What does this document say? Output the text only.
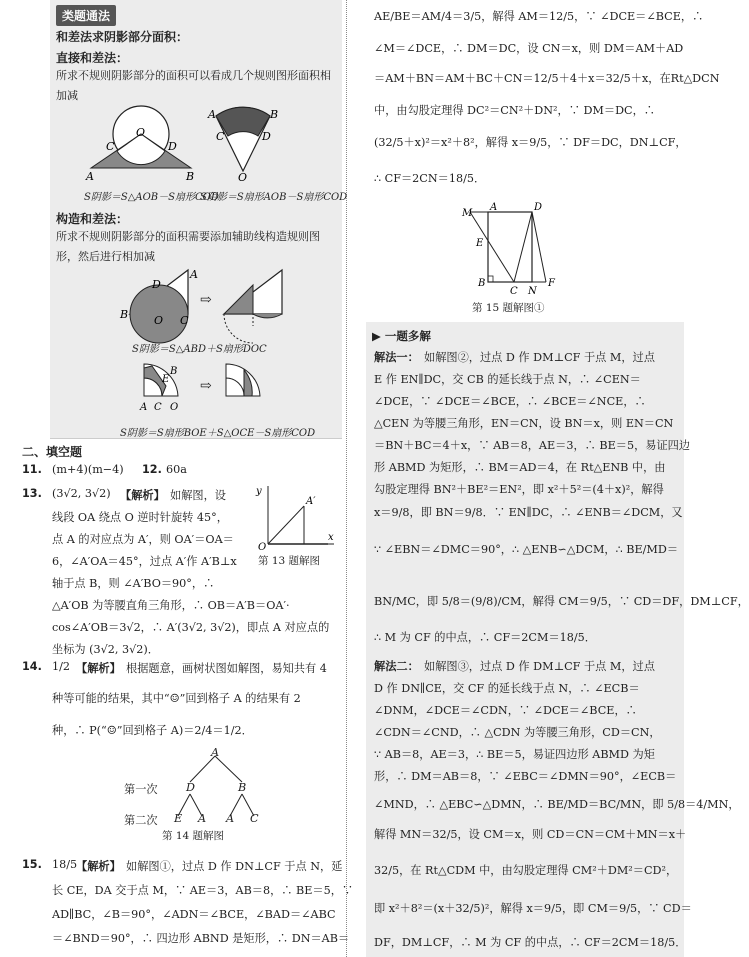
类题通法
和差法求阴影部分面积：
直接和差法：
所求不规则阴影部分的面积可以看成几个规则图形面积相加减
O
C	D
A	B
A	B
C	D
O
S阴影＝S△AOB－S扇形COD
S阴影＝S扇形AOB－S扇形COD
构造和差法：
所求不规则阴影部分的面积需要添加辅助线构造规则图形，然后进行相加减
B O C
D
A
⇨
S阴影＝S△ABD＋S扇形DOC
B
E
A C O
⇨
S阴影＝S扇形BOE＋S△OCE－S扇形COD
二、填空题
11. (m+4)(m−4) 12. 60a
13. (3√2, 3√2) 【解析】 如解图，设
线段 OA 绕点 O 逆时针旋转 45°，
点 A 的对应点为 A′，则 OA′＝OA＝
6，∠A′OA＝45°，过点 A′作 A′B⊥x
轴于点 B，则 ∠A′BO＝90°，∴
△A′OB 为等腰直角三角形，∴ OB＝A′B＝OA′·
cos∠A′OB＝3√2，∴ A′(3√2, 3√2)，即点 A 对应点的
坐标为 (3√2, 3√2)．
y
x
A′
O
第 13 题解图
14. 1/2 【解析】 根据题意，画树状图如解图，易知共有 4
种等可能的结果，其中“☺”回到格子 A 的结果有 2
种，∴ P(“☺”回到格子 A)＝2/4＝1/2．
A
第一次	D	B
第二次 E A A C
第 14 题解图
15. 18/5
【解析】 如解图①，过点 D 作 DN⊥CF 于点 N，延
长 CE，DA 交于点 M，∵ AE＝3，AB＝8，∴ BE＝5，∵
AD∥BC，∠B＝90°，∠ADN＝∠BCE，∠BAD＝∠ABC
＝∠BND＝90°，∴ 四边形 ABND 是矩形，∴ DN＝AB＝
AE/BE＝AM/4＝3/5，解得 AM＝12/5，∵ ∠DCE＝∠BCE，∴
∠M＝∠DCE，∴ DM＝DC，设 CN＝x，则 DM＝AM＋AD
＝AM＋BN＝AM＋BC＋CN＝12/5＋4＋x＝32/5＋x，在Rt△DCN
中，由勾股定理得 DC²＝CN²＋DN²，∵ DM＝DC，∴
(32/5＋x)²＝x²＋8²，解得 x＝9/5，∵ DF＝DC，DN⊥CF，
∴ CF＝2CN＝18/5．
M
A	D
E
B
C N
F
第 15 题解图①
▶ 一题多解
解法一： 如解图②，过点 D 作 DM⊥CF 于点 M，过点
E 作 EN∥DC，交 CB 的延长线于点 N，∴ ∠CEN＝
∠DCE，∵ ∠DCE＝∠BCE，∴ ∠BCE＝∠NCE，∴
△CEN 为等腰三角形，EN＝CN，设 BN＝x，则 EN＝CN
＝BN＋BC＝4＋x，∵ AB＝8，AE＝3，∴ BE＝5，易证四边
形 ABMD 为矩形，∴ BM＝AD＝4，在 Rt△ENB 中，由
勾股定理得 BN²＋BE²＝EN²，即 x²＋5²＝(4＋x)²，解得
x＝9/8，即 BN＝9/8．∵ EN∥DC，∴ ∠ENB＝∠DCM，又
∵ ∠EBN＝∠DMC＝90°，∴ △ENB∽△DCM，∴ BE/MD＝
BN/MC，即 5/8＝(9/8)/CM，解得 CM＝9/5，∵ CD＝DF，DM⊥CF，
∴ M 为 CF 的中点，∴ CF＝2CM＝18/5．
解法二： 如解图③，过点 D 作 DM⊥CF 于点 M，过点
D 作 DN∥CE，交 CF 的延长线于点 N，∴ ∠ECB＝
∠DNM，∠DCE＝∠CDN，∵ ∠DCE＝∠BCE，∴
∠CDN＝∠CND，∴ △CDN 为等腰三角形，CD＝CN，
∵ AB＝8，AE＝3，∴ BE＝5，易证四边形 ABMD 为矩
形，∴ DM＝AB＝8，∵ ∠EBC＝∠DMN＝90°，∠ECB＝
∠MND，∴ △EBC∽△DMN，∴ BE/MD＝BC/MN，即 5/8＝4/MN，
解得 MN＝32/5，设 CM＝x，则 CD＝CN＝CM＋MN＝x＋
32/5，在 Rt△CDM 中，由勾股定理得 CM²＋DM²＝CD²，
即 x²＋8²＝(x＋32/5)²，解得 x＝9/5，即 CM＝9/5，∵ CD＝
DF，DM⊥CF，∴ M 为 CF 的中点，∴ CF＝2CM＝18/5．
